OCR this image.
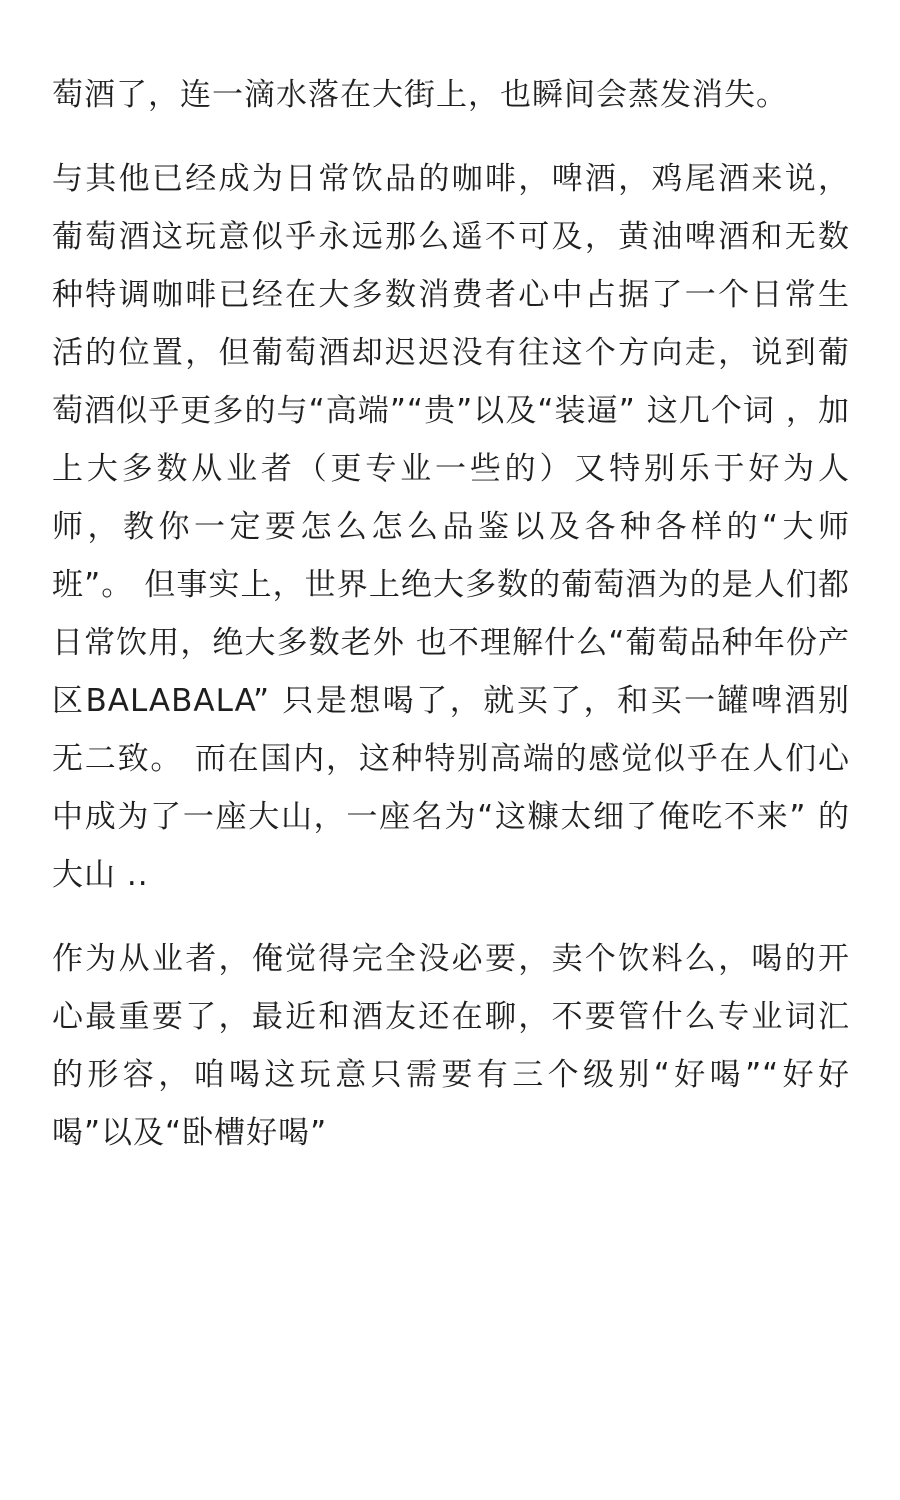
萄酒了，连一滴水落在大街上，也瞬间会蒸发消失。

与其他已经成为日常饮品的咖啡，啤酒，鸡尾酒来说，葡萄酒这玩意似乎永远那么遥不可及，黄油啤酒和无数种特调咖啡已经在大多数消费者心中占据了一个日常生活的位置，但葡萄酒却迟迟没有往这个方向走，说到葡萄酒似乎更多的与“高端”“贵”以及“装逼” 这几个词 ，加上大多数从业者（更专业一些的）又特别乐于好为人师，教你一定要怎么怎么品鉴以及各种各样的“大师班”。 但事实上，世界上绝大多数的葡萄酒为的是人们都日常饮用，绝大多数老外 也不理解什么“葡萄品种年份产区BALABALA” 只是想喝了，就买了，和买一罐啤酒别无二致。 而在国内，这种特别高端的感觉似乎在人们心中成为了一座大山，一座名为“这糠太细了俺吃不来” 的大山 ..

作为从业者，俺觉得完全没必要，卖个饮料么，喝的开心最重要了，最近和酒友还在聊，不要管什么专业词汇的形容，咱喝这玩意只需要有三个级别“好喝”“好好喝”以及“卧槽好喝”
